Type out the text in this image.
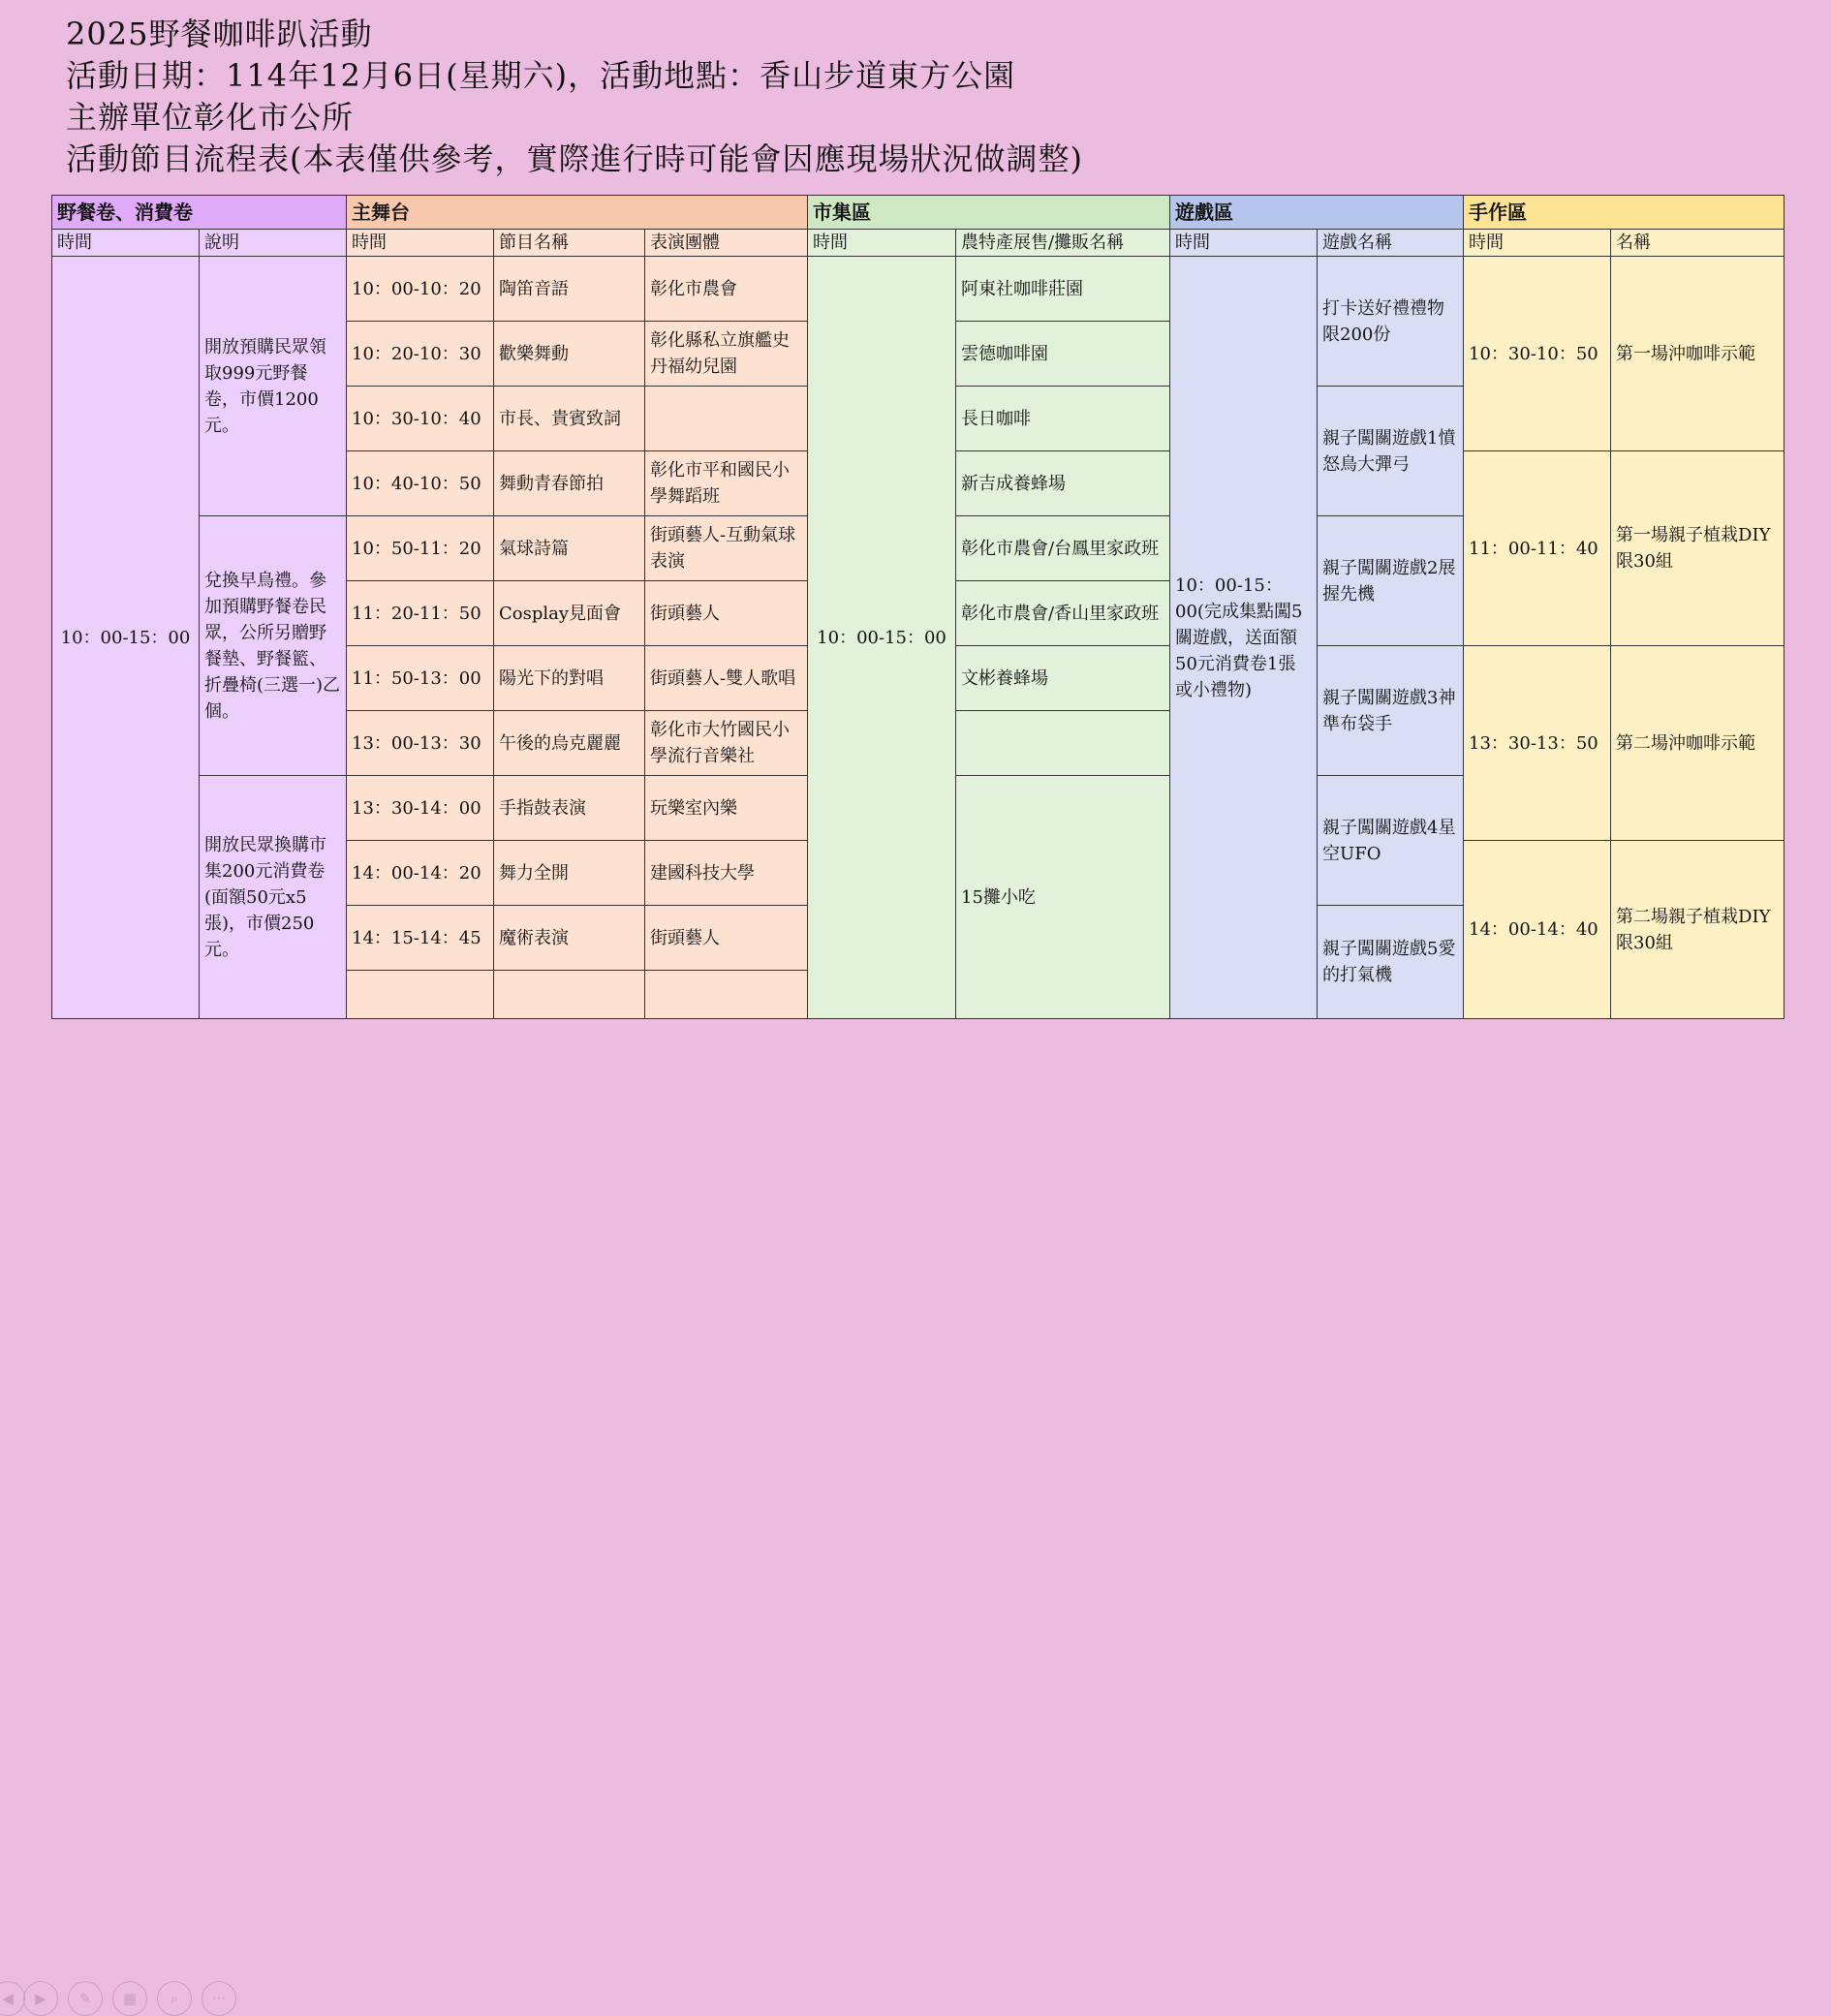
2025野餐咖啡趴活動
活動日期：114年12月6日(星期六)，活動地點：香山步道東方公園
主辦單位彰化市公所
活動節目流程表(本表僅供參考，實際進行時可能會因應現場狀況做調整)
野餐卷、消費卷		主舞台			市集區		遊戲區		手作區	
時間	說明	時間	節目名稱	表演團體	時間	農特產展售/攤販名稱	時間	遊戲名稱	時間	名稱
10：00-15：00	開放預購民眾領取999元野餐卷，市價1200元。	10：00-10：20	陶笛音語	彰化市農會	10：00-15：00	阿東社咖啡莊園	10：00-15：00(完成集點闖5關遊戲，送面額50元消費卷1張或小禮物)	打卡送好禮禮物限200份	10：30-10：50	第一場沖咖啡示範
		10：20-10：30	歡樂舞動	彰化縣私立旗艦史丹福幼兒園		雲德咖啡園				
		10：30-10：40	市長、貴賓致詞			長日咖啡		親子闖關遊戲1憤怒鳥大彈弓		
		10：40-10：50	舞動青春節拍	彰化市平和國民小學舞蹈班		新吉成養蜂場			11：00-11：40	第一場親子植栽DIY限30組
	兌換早鳥禮。參加預購野餐卷民眾，公所另贈野餐墊、野餐籃、折疊椅(三選一)乙個。	10：50-11：20	氣球詩篇	街頭藝人-互動氣球表演		彰化市農會/台鳳里家政班		親子闖關遊戲2展握先機		
		11：20-11：50	Cosplay見面會	街頭藝人		彰化市農會/香山里家政班				
		11：50-13：00	陽光下的對唱	街頭藝人-雙人歌唱		文彬養蜂場		親子闖關遊戲3神準布袋手	13：30-13：50	第二場沖咖啡示範
		13：00-13：30	午後的烏克麗麗	彰化市大竹國民小學流行音樂社						
	開放民眾換購市集200元消費卷(面額50元x5張)，市價250元。	13：30-14：00	手指鼓表演	玩樂室內樂		15攤小吃		親子闖關遊戲4星空UFO		
		14：00-14：20	舞力全開	建國科技大學					14：00-14：40	第二場親子植栽DIY限30組
		14：15-14：45	魔術表演	街頭藝人				親子闖關遊戲5愛的打氣機		

◀	▶	✎	▦	⌕	···
